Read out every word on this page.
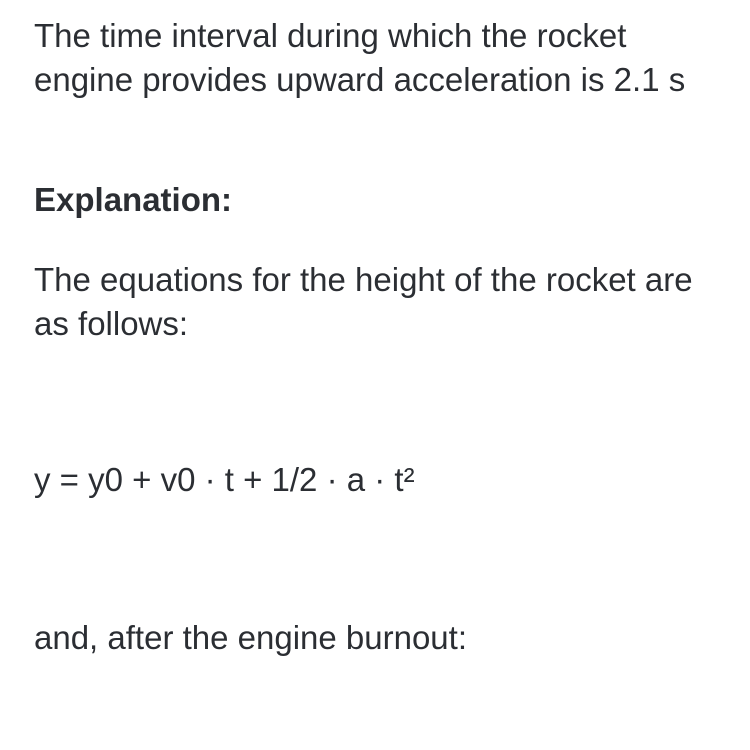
The time interval during which the rocket engine provides upward acceleration is 2.1 s

Explanation:

The equations for the height of the rocket are as follows:

y = y0 + v0 · t + 1/2 · a · t²

and, after the engine burnout:
